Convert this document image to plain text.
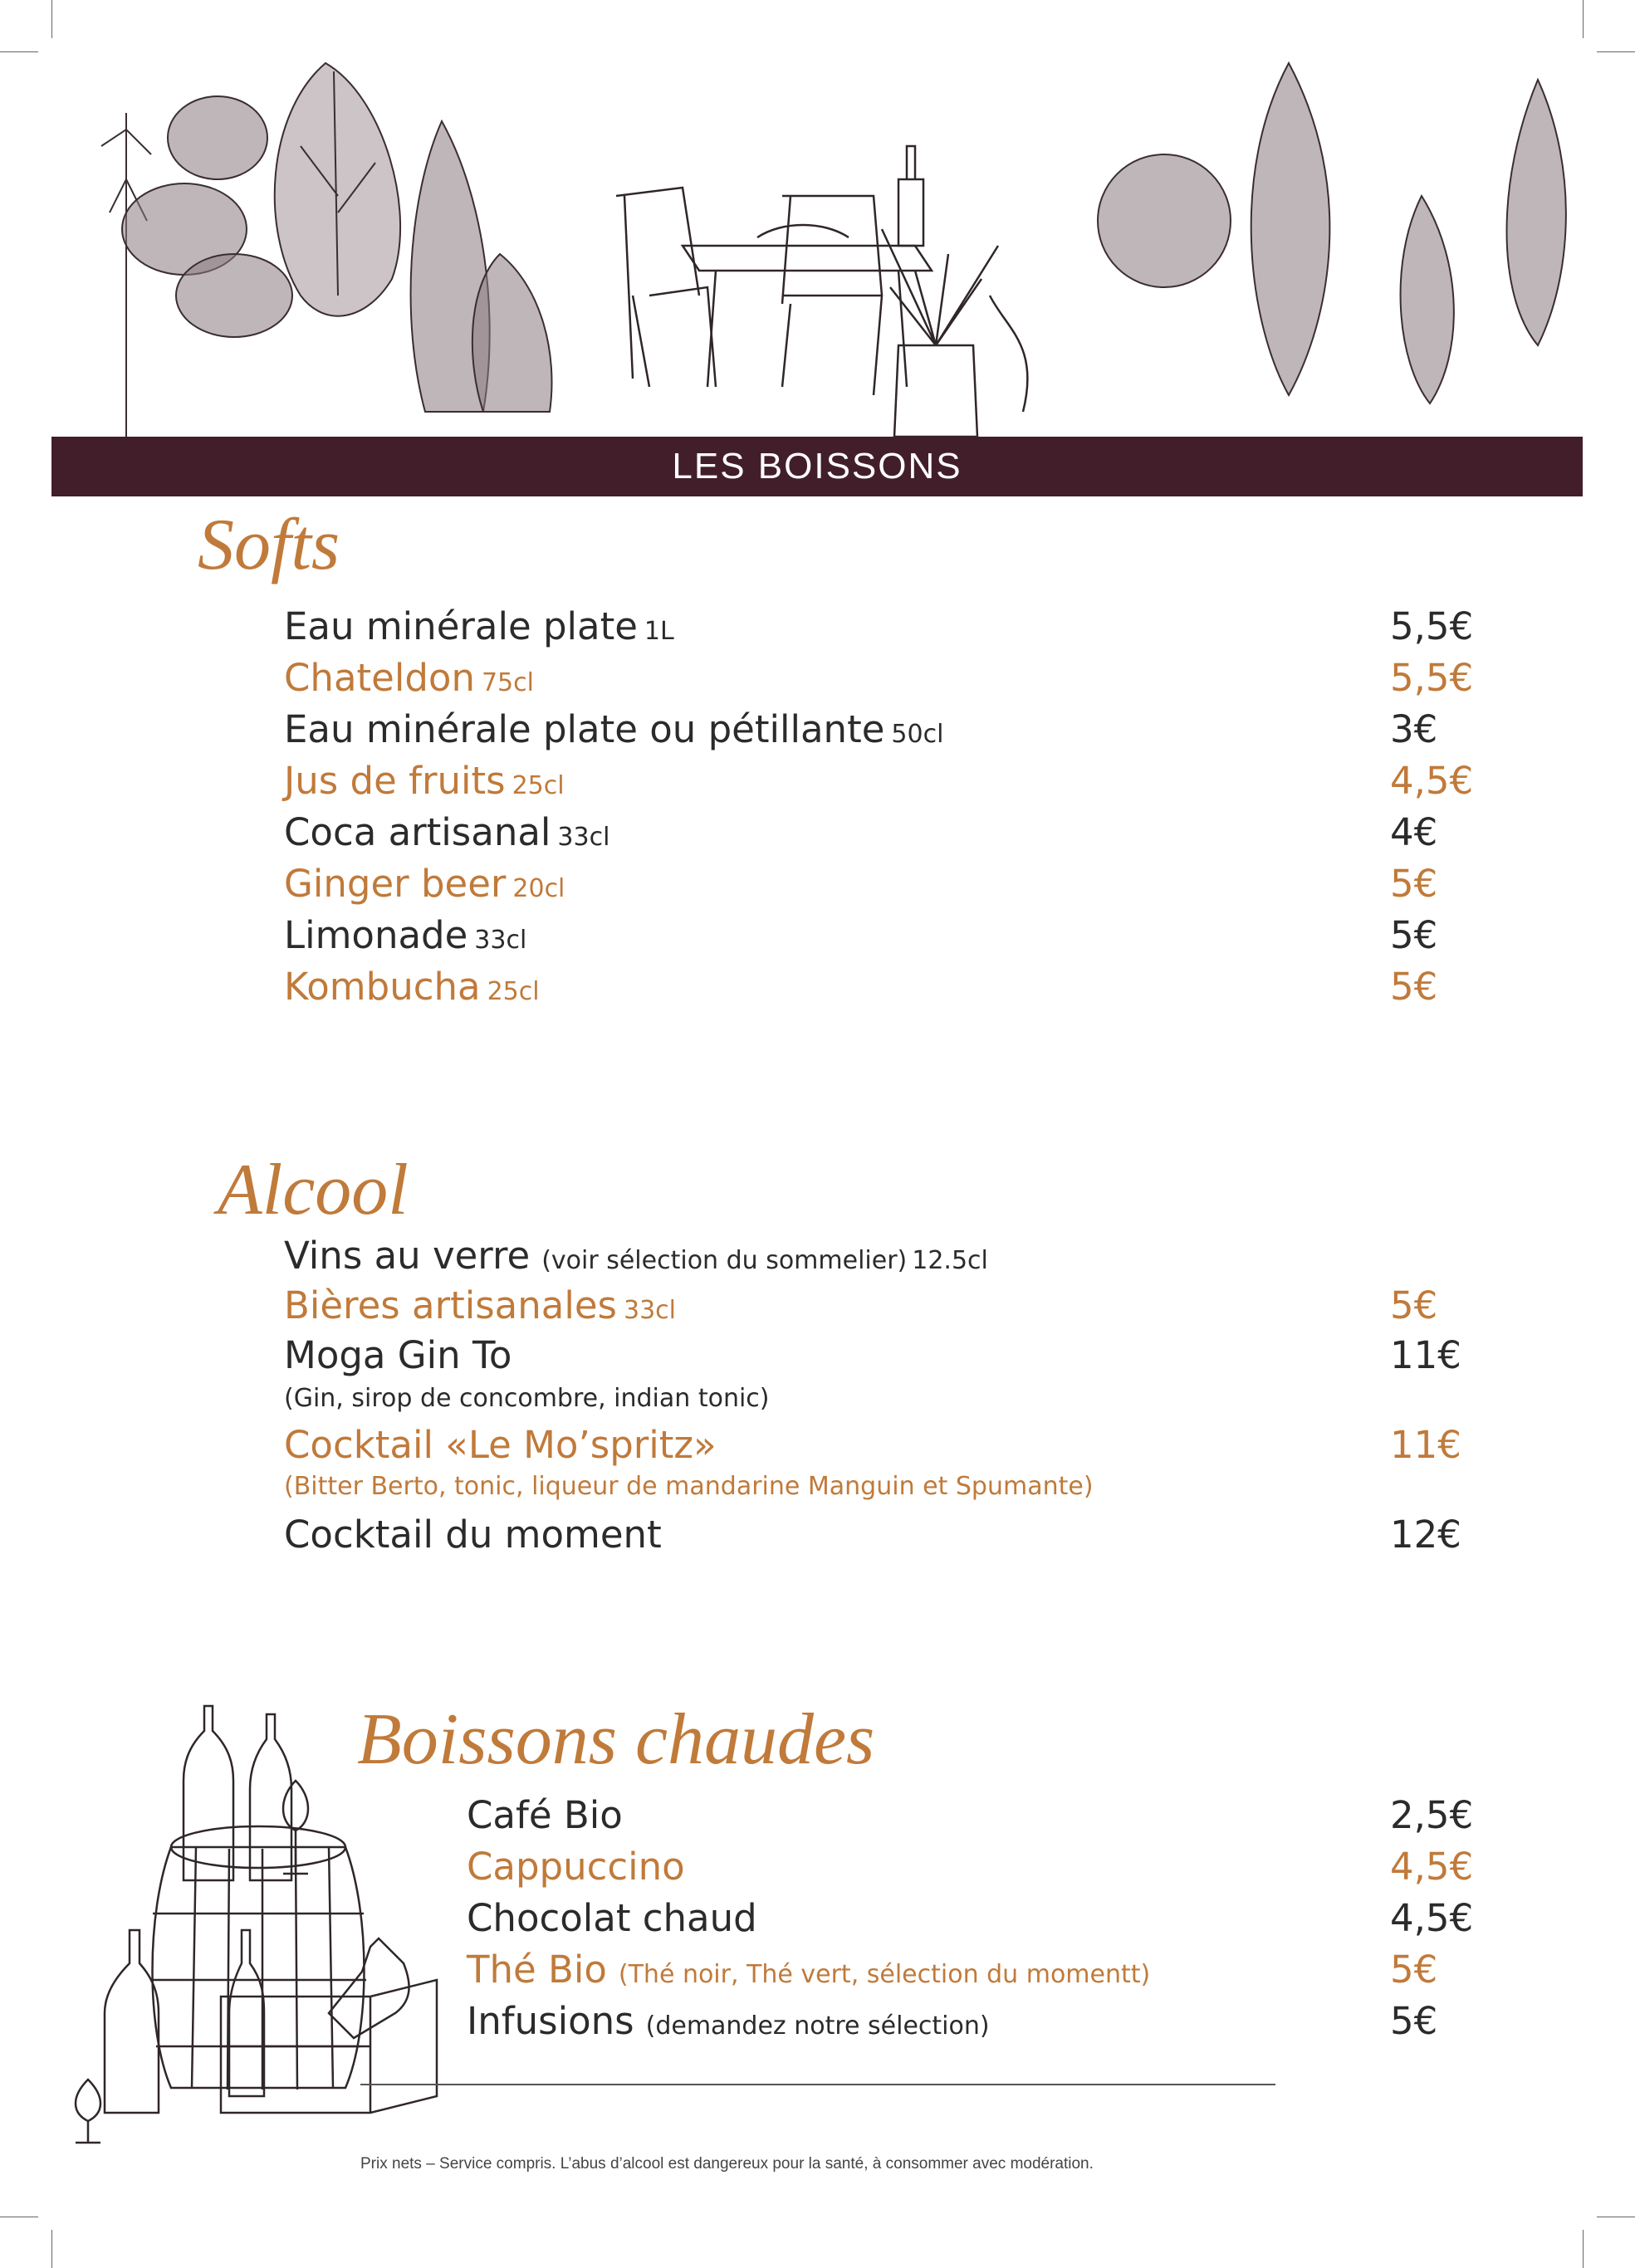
LES BOISSONS
Softs
Eau minérale plate 1L	5,5€
Chateldon 75cl	5,5€
Eau minérale plate ou pétillante 50cl	3€
Jus de fruits 25cl	4,5€
Coca artisanal 33cl	4€
Ginger beer 20cl	5€
Limonade 33cl	5€
Kombucha 25cl	5€
Alcool
Vins au verre (voir sélection du sommelier) 12.5cl
Bières artisanales 33cl	5€
Moga Gin To	11€
(Gin, sirop de concombre, indian tonic)
Cocktail «Le Mo’spritz»	11€
(Bitter Berto, tonic, liqueur de mandarine Manguin et Spumante)
Cocktail du moment	12€
Boissons chaudes
Café Bio	2,5€
Cappuccino	4,5€
Chocolat chaud	4,5€
Thé Bio (Thé noir, Thé vert, sélection du momentt)	5€
Infusions (demandez notre sélection)	5€
Prix nets – Service compris. L’abus d’alcool est dangereux pour la santé, à consommer avec modération.
